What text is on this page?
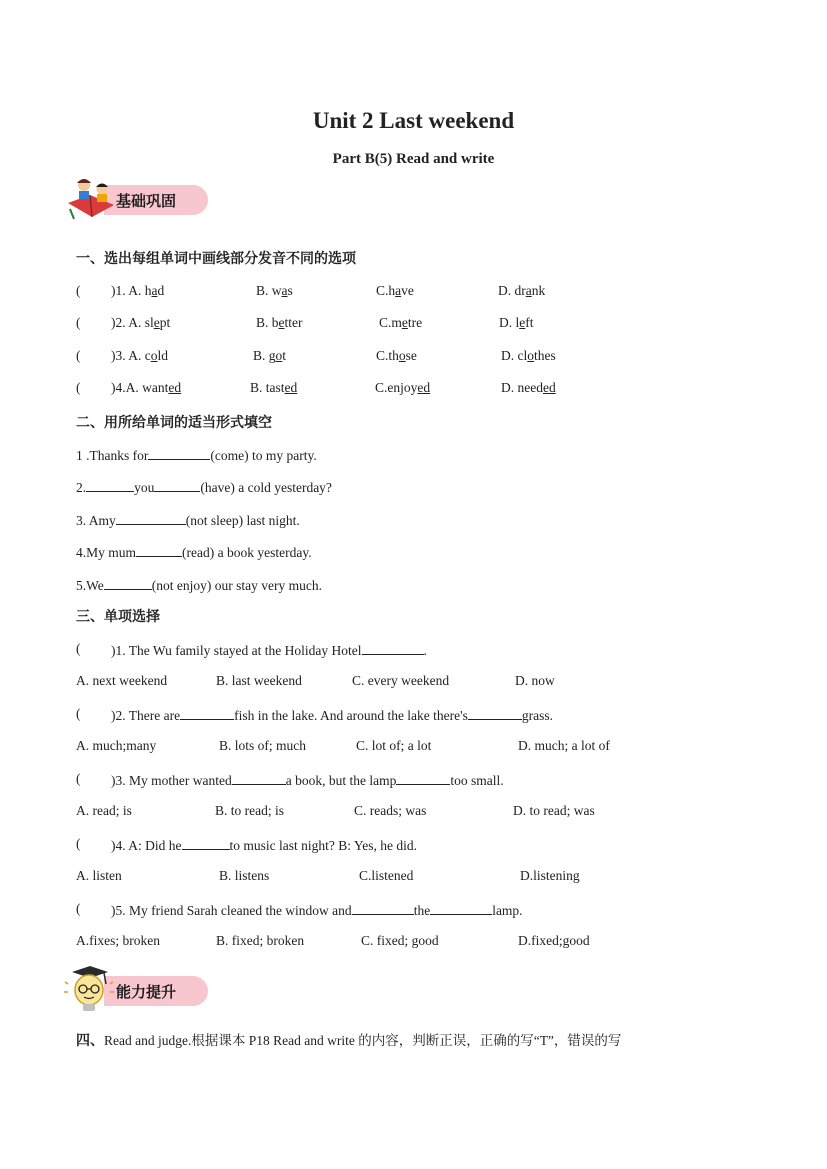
Unit 2 Last weekend
Part B(5) Read and write
基础巩固
一、选出每组单词中画线部分发音不同的选项
( )1. A. had	B. was	C.have	D. drank
( )2. A. slept	B. better	C.metre	D. left
( )3. A. cold	B. got	C.those	D. clothes
( )4.A. wanted	B. tasted	C.enjoyed	D. needed
二、用所给单词的适当形式填空
1 .Thanks for	(come) to my party.
2.	you	(have) a cold yesterday?
3. Amy	(not sleep) last night.
4.My mum	(read) a book yesterday.
5.We	(not enjoy) our stay very much.
三、单项选择
( )1. The Wu family stayed at the Holiday Hotel	.
A. next weekend	B. last weekend	C. every weekend	D. now
( )2. There are	fish in the lake. And around the lake there's	grass.
A. much;many	B. lots of; much	C. lot of; a lot	D. much; a lot of
( )3. My mother wanted	a book, but the lamp	too small.
A. read; is	B. to read; is	C. reads; was	D. to read; was
( )4. A: Did he	to music last night? B: Yes, he did.
A. listen	B. listens	C.listened	D.listening
( )5. My friend Sarah cleaned the window and	the	lamp.
A.fixes; broken	B. fixed; broken	C. fixed; good	D.fixed;good
能力提升
四、Read and judge.根据课本 P18 Read and write 的内容，判断正误，正确的写“T”，错误的写
